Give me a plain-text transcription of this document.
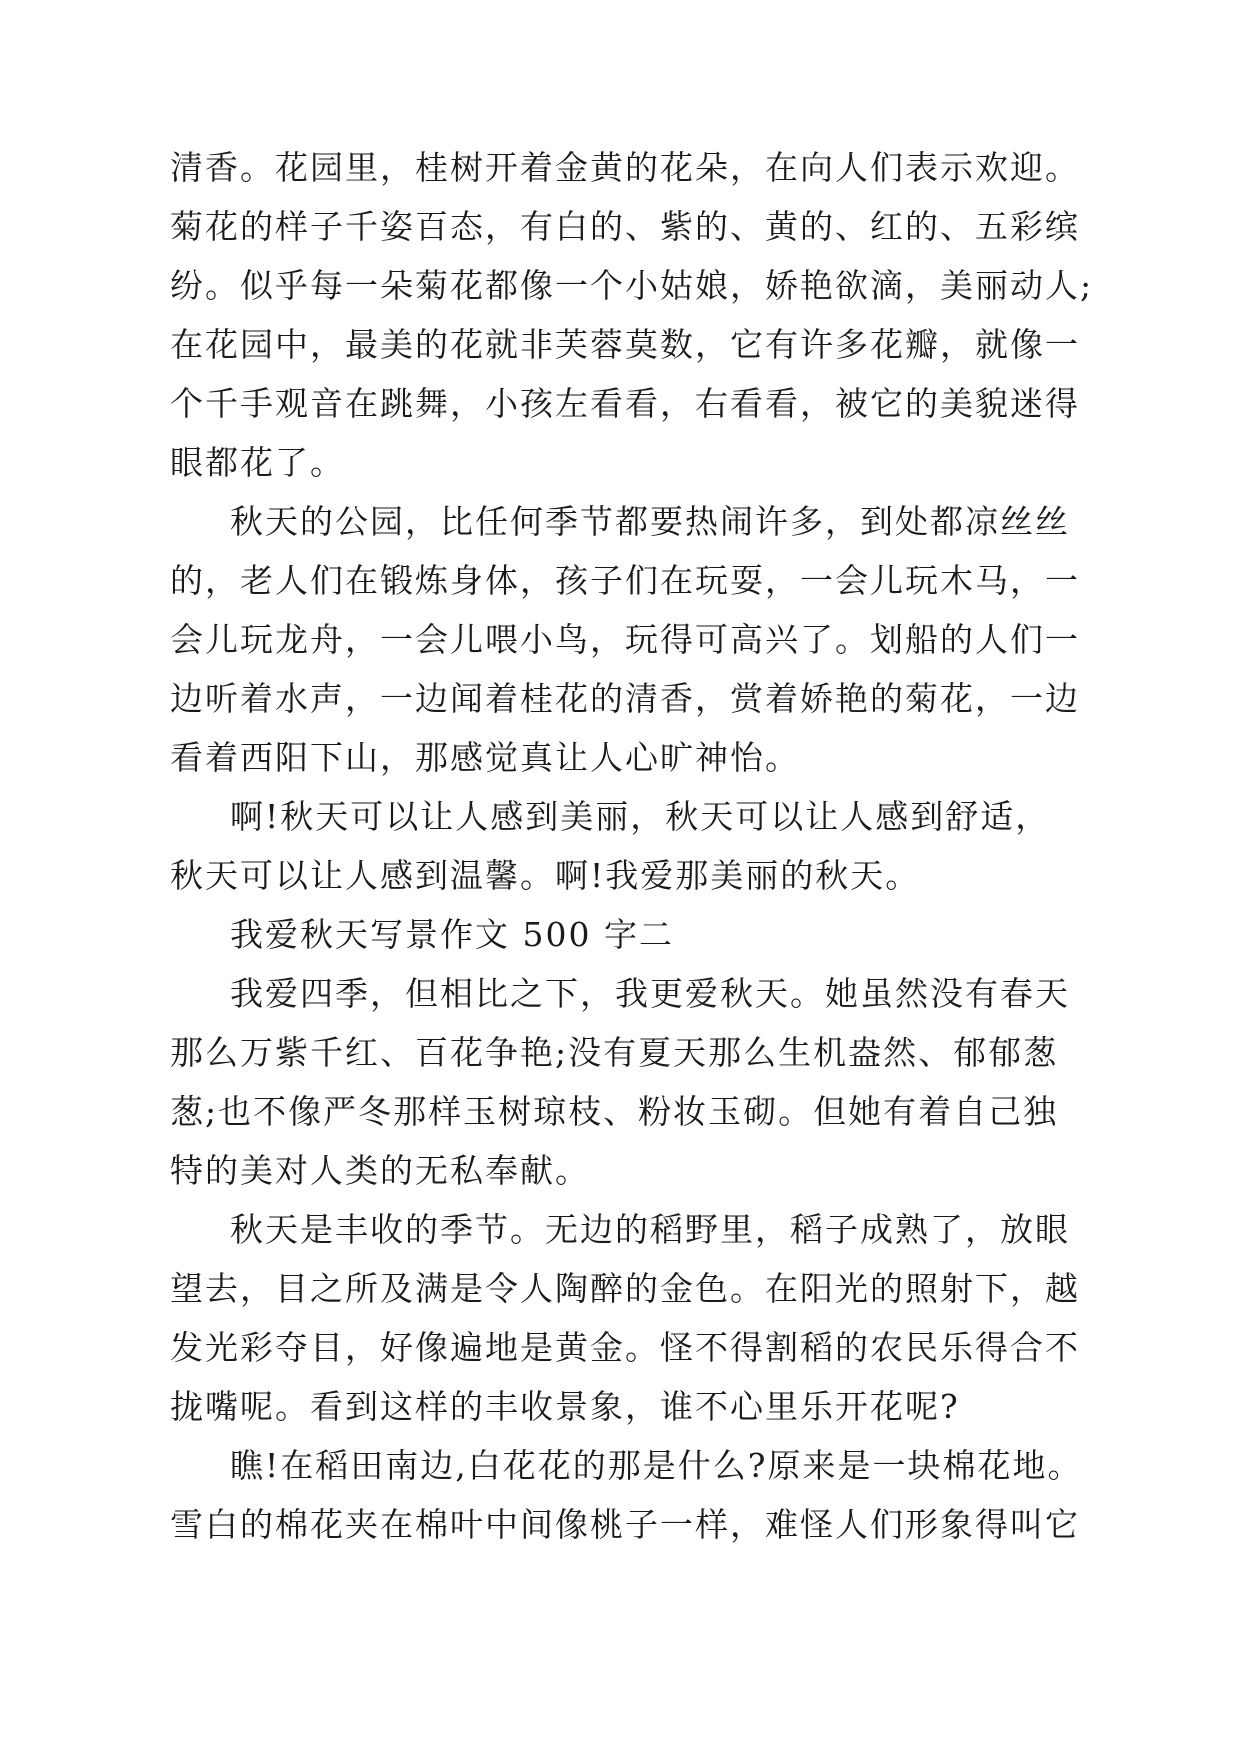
清香。花园里，桂树开着金黄的花朵，在向人们表示欢迎。
菊花的样子千姿百态，有白的、紫的、黄的、红的、五彩缤
纷。似乎每一朵菊花都像一个小姑娘，娇艳欲滴，美丽动人;
在花园中，最美的花就非芙蓉莫数，它有许多花瓣，就像一
个千手观音在跳舞，小孩左看看，右看看，被它的美貌迷得
眼都花了。
秋天的公园，比任何季节都要热闹许多，到处都凉丝丝
的，老人们在锻炼身体，孩子们在玩耍，一会儿玩木马，一
会儿玩龙舟，一会儿喂小鸟，玩得可高兴了。划船的人们一
边听着水声，一边闻着桂花的清香，赏着娇艳的菊花，一边
看着西阳下山，那感觉真让人心旷神怡。
啊!秋天可以让人感到美丽，秋天可以让人感到舒适，
秋天可以让人感到温馨。啊!我爱那美丽的秋天。
我爱秋天写景作文 500 字二
我爱四季，但相比之下，我更爱秋天。她虽然没有春天
那么万紫千红、百花争艳;没有夏天那么生机盎然、郁郁葱
葱;也不像严冬那样玉树琼枝、粉妆玉砌。但她有着自己独
特的美对人类的无私奉献。
秋天是丰收的季节。无边的稻野里，稻子成熟了，放眼
望去，目之所及满是令人陶醉的金色。在阳光的照射下，越
发光彩夺目，好像遍地是黄金。怪不得割稻的农民乐得合不
拢嘴呢。看到这样的丰收景象，谁不心里乐开花呢?
瞧!在稻田南边,白花花的那是什么?原来是一块棉花地。
雪白的棉花夹在棉叶中间像桃子一样，难怪人们形象得叫它
